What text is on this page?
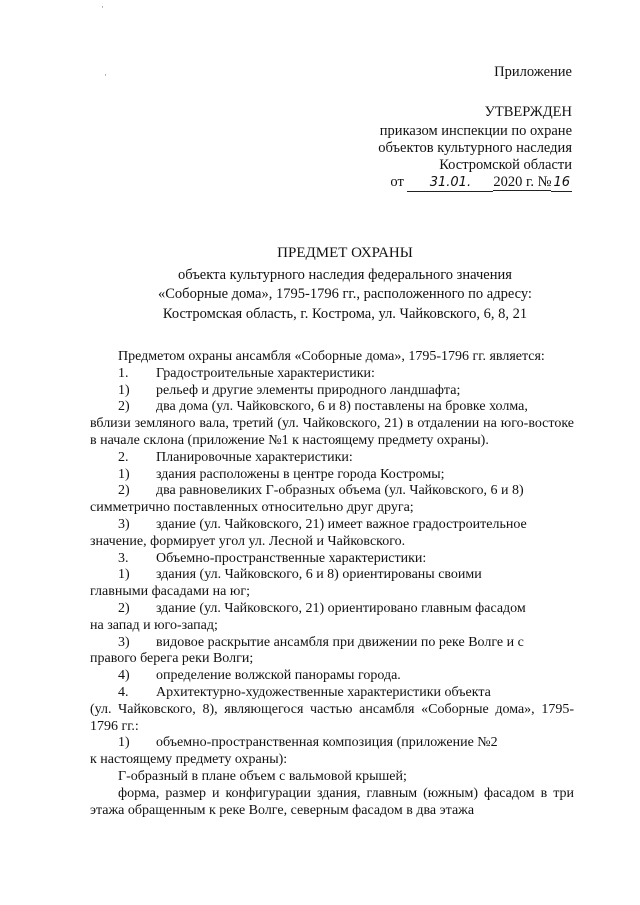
·
·	Приложение
УТВЕРЖДЕН
приказом инспекции по охране
объектов культурного наследия
Костромской области
от 31.01. 2020 г. № 16
ПРЕДМЕТ ОХРАНЫ
объекта культурного наследия федерального значения
«Соборные дома», 1795-1796 гг., расположенного по адресу:
Костромская область, г. Кострома, ул. Чайковского, 6, 8, 21

Предметом охраны ансамбля «Соборные дома», 1795-1796 гг. является:

1.	Градостроительные характеристики:
1)	рельеф и другие элементы природного ландшафта;
2)	два дома (ул. Чайковского, 6 и 8) поставлены на бровке холма,

вблизи земляного вала, третий (ул. Чайковского, 21) в отдалении на юго-востоке в начале склона (приложение №1 к настоящему предмету охраны).

2.	Планировочные характеристики:
1)	здания расположены в центре города Костромы;
2)	два равновеликих Г-образных объема (ул. Чайковского, 6 и 8)

симметрично поставленных относительно друг друга;

3)	здание (ул. Чайковского, 21) имеет важное градостроительное

значение, формирует угол ул. Лесной и Чайковского.

3.	Объемно-пространственные характеристики:
1)	здания (ул. Чайковского, 6 и 8) ориентированы своими

главными фасадами на юг;

2)	здание (ул. Чайковского, 21) ориентировано главным фасадом

на запад и юго-запад;

3)	видовое раскрытие ансамбля при движении по реке Волге и с

правого берега реки Волги;

4)	определение волжской панорамы города.
4.	Архитектурно-художественные характеристики объекта

(ул. Чайковского, 8), являющегося частью ансамбля «Соборные дома», 1795-1796 гг.:

1)	объемно-пространственная композиция (приложение №2

к настоящему предмету охраны):

Г-образный в плане объем с вальмовой крышей;

форма, размер и конфигурации здания, главным (южным) фасадом в три этажа обращенным к реке Волге, северным фасадом в два этажа
